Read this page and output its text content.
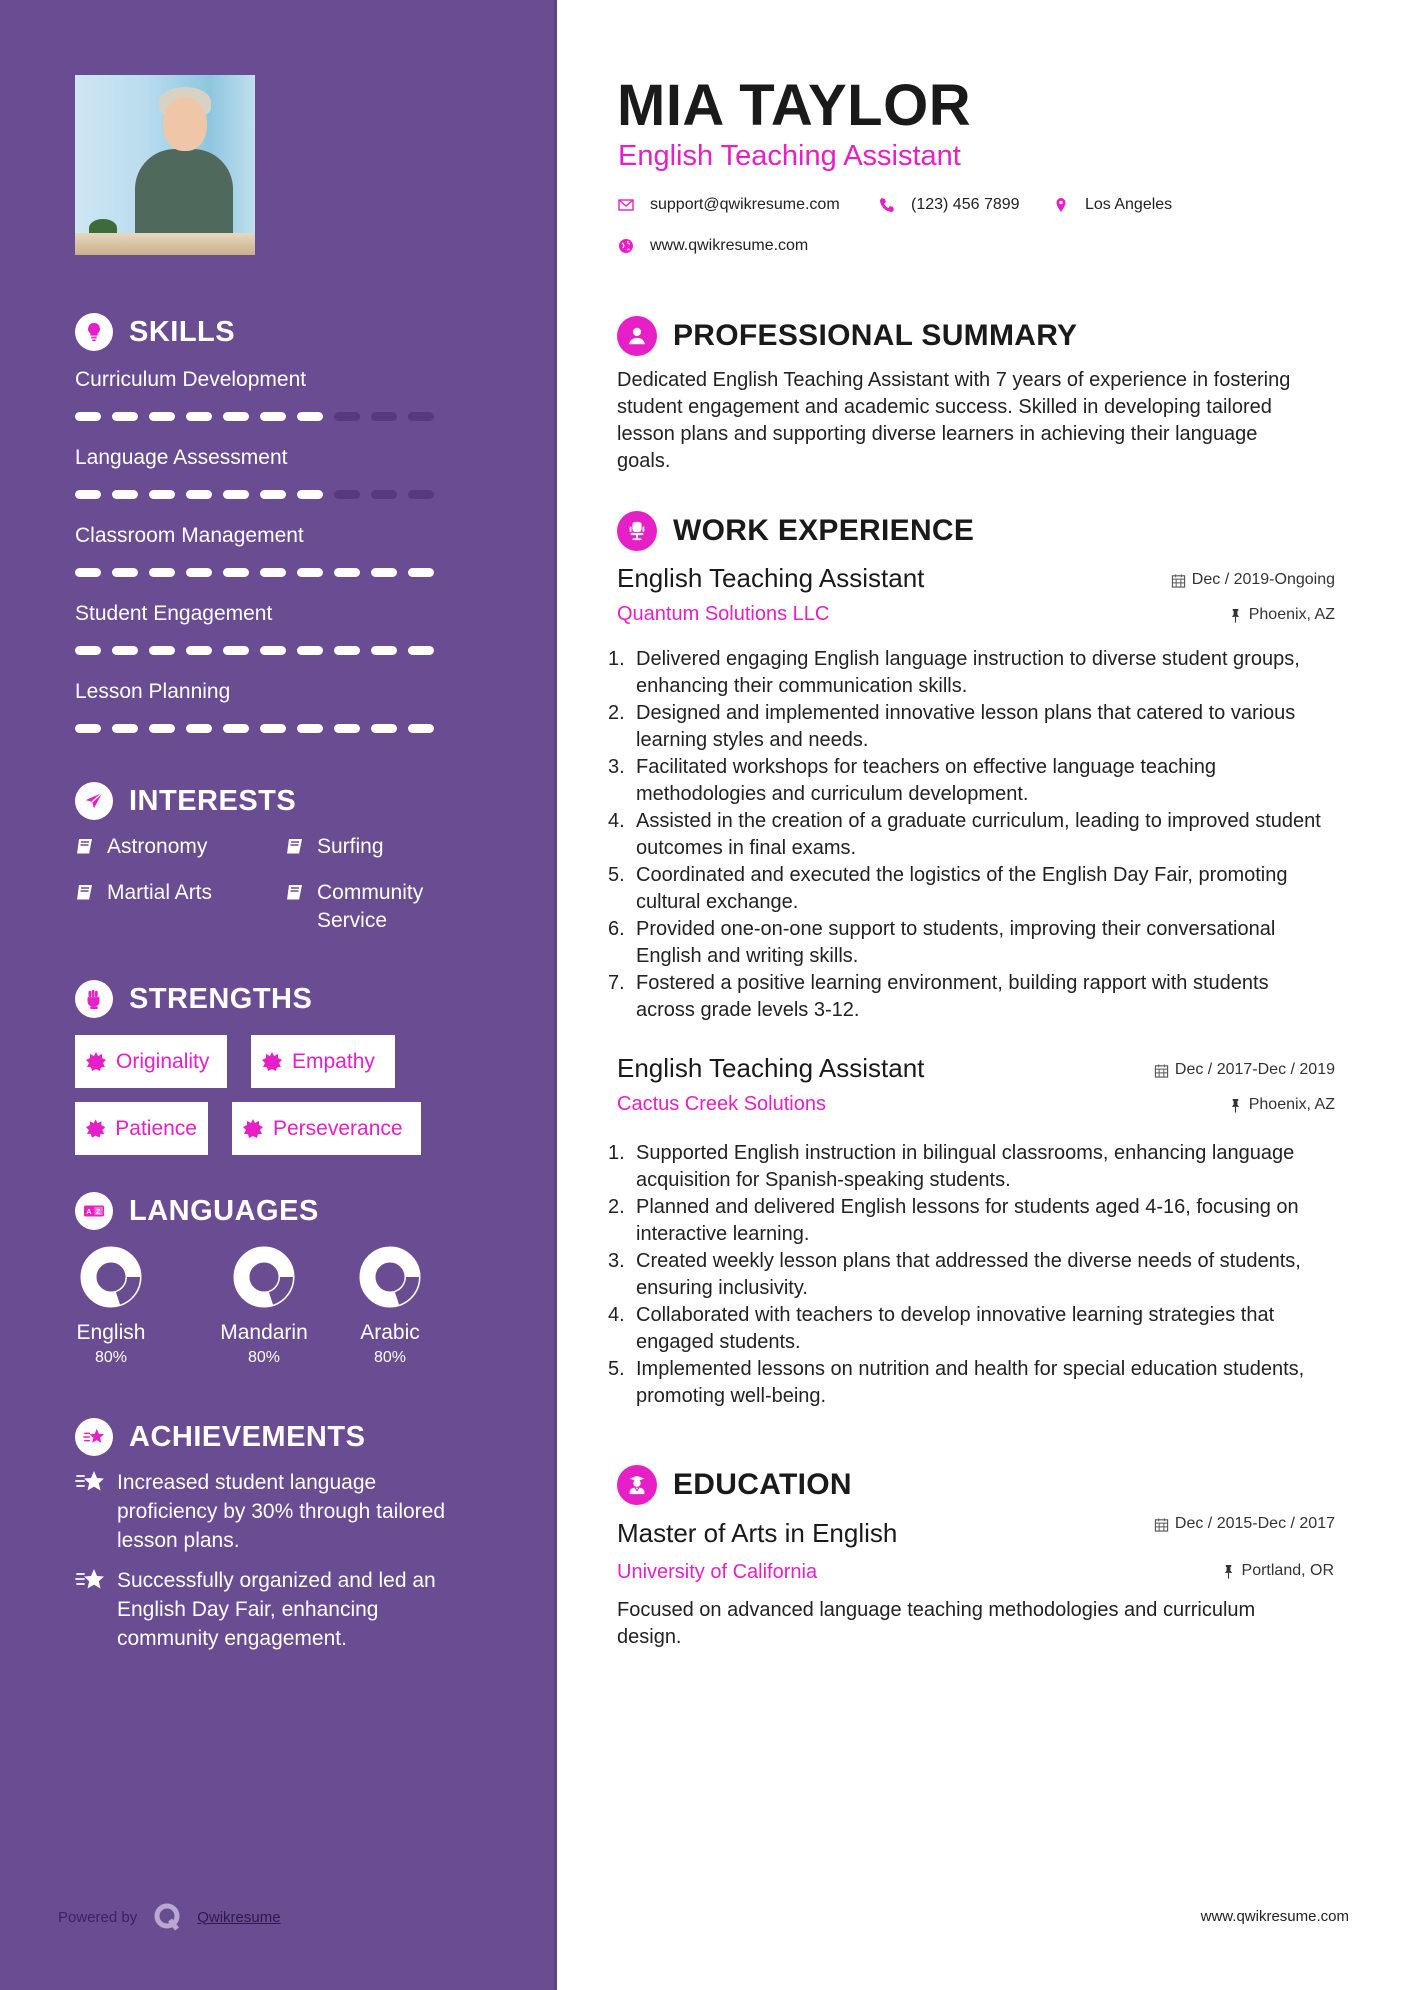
SKILLS
Curriculum Development
Language Assessment
Classroom Management
Student Engagement
Lesson Planning
INTERESTS
Astronomy	Surfing
Martial Arts	Community Service
STRENGTHS
Originality	Empathy
Patience	Perseverance
A Z LANGUAGES
English
80%
Mandarin
80%
Arabic
80%
ACHIEVEMENTS
Increased student language proficiency by 30% through tailored lesson plans.
Successfully organized and led an English Day Fair, enhancing community engagement.
Powered by	Qwikresume
MIA TAYLOR
English Teaching Assistant
support@qwikresume.com	(123) 456 7899	Los Angeles
www.qwikresume.com
PROFESSIONAL SUMMARY

Dedicated English Teaching Assistant with 7 years of experience in fostering student engagement and academic success. Skilled in developing tailored lesson plans and supporting diverse learners in achieving their language goals.

WORK EXPERIENCE
English Teaching Assistant	Dec / 2019-Ongoing
Quantum Solutions LLC	Phoenix, AZ
1. Delivered engaging English language instruction to diverse student groups, enhancing their communication skills.
2. Designed and implemented innovative lesson plans that catered to various learning styles and needs.
3. Facilitated workshops for teachers on effective language teaching methodologies and curriculum development.
4. Assisted in the creation of a graduate curriculum, leading to improved student outcomes in final exams.
5. Coordinated and executed the logistics of the English Day Fair, promoting cultural exchange.
6. Provided one-on-one support to students, improving their conversational English and writing skills.
7. Fostered a positive learning environment, building rapport with students across grade levels 3-12.
English Teaching Assistant	Dec / 2017-Dec / 2019
Cactus Creek Solutions	Phoenix, AZ
1. Supported English instruction in bilingual classrooms, enhancing language acquisition for Spanish-speaking students.
2. Planned and delivered English lessons for students aged 4-16, focusing on interactive learning.
3. Created weekly lesson plans that addressed the diverse needs of students, ensuring inclusivity.
4. Collaborated with teachers to develop innovative learning strategies that engaged students.
5. Implemented lessons on nutrition and health for special education students, promoting well-being.
EDUCATION
Master of Arts in English	Dec / 2015-Dec / 2017
University of California	Portland, OR

Focused on advanced language teaching methodologies and curriculum design.

www.qwikresume.com
